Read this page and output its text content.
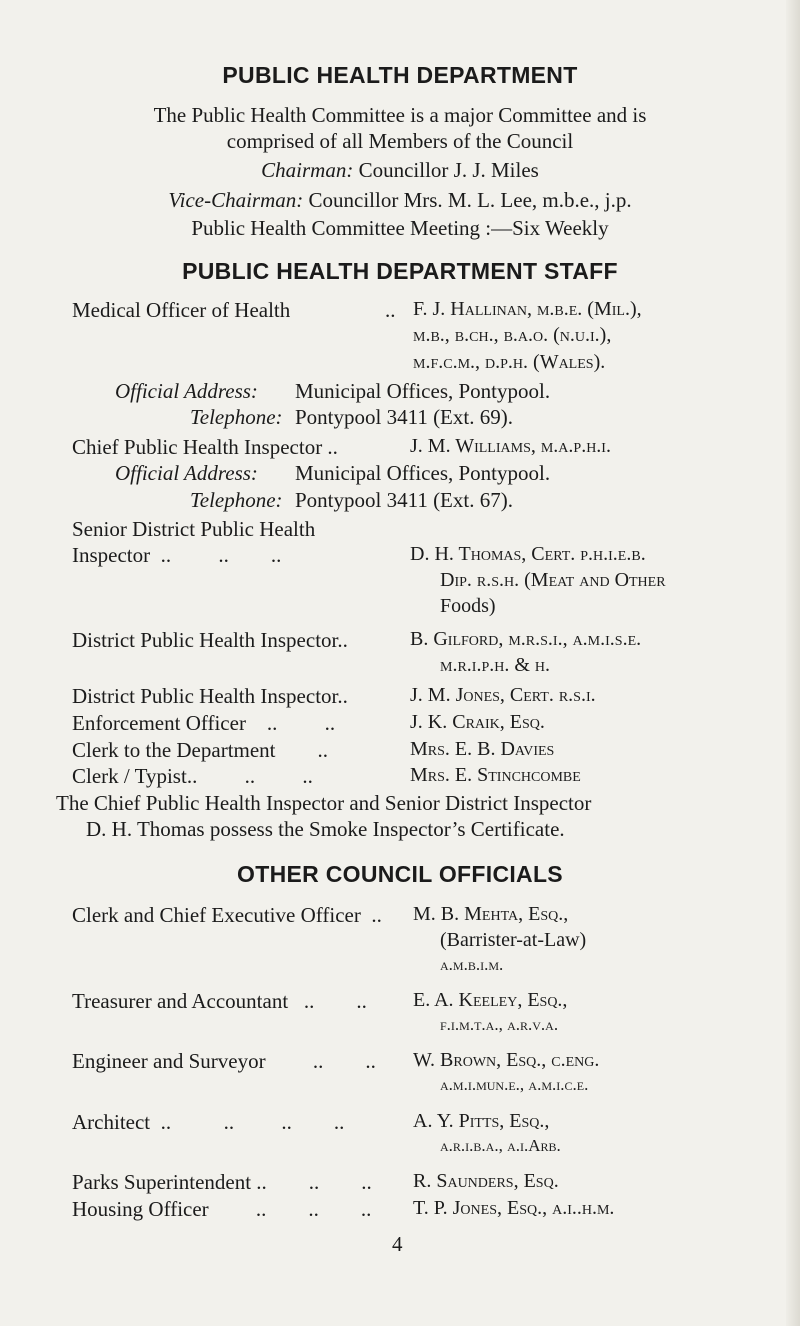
PUBLIC HEALTH DEPARTMENT
The Public Health Committee is a major Committee and is
comprised of all Members of the Council
Chairman: Councillor J. J. Miles
Vice-Chairman: Councillor Mrs. M. L. Lee, m.b.e., j.p.
Public Health Committee Meeting :—Six Weekly
PUBLIC HEALTH DEPARTMENT STAFF
Medical Officer of Health	.. F. J. Hallinan, m.b.e. (Mil.),
m.b., b.ch., b.a.o. (n.u.i.),
m.f.c.m., d.p.h. (Wales).
Official Address: Municipal Offices, Pontypool.
Telephone: Pontypool 3411 (Ext. 69).
Chief Public Health Inspector ..	J. M. Williams, m.a.p.h.i.
Official Address: Municipal Offices, Pontypool.
Telephone: Pontypool 3411 (Ext. 67).
Senior District Public Health
Inspector  ..         ..        ..	D. H. Thomas, Cert. p.h.i.e.b.
Dip. r.s.h. (Meat and Other
Foods)
District Public Health Inspector..	B. Gilford, m.r.s.i., a.m.i.s.e.
m.r.i.p.h. & h.
District Public Health Inspector..	J. M. Jones, Cert. r.s.i.
Enforcement Officer    ..         ..	J. K. Craik, Esq.
Clerk to the Department        ..	Mrs. E. B. Davies
Clerk / Typist..         ..         ..	Mrs. E. Stinchcombe
The Chief Public Health Inspector and Senior District Inspector
D. H. Thomas possess the Smoke Inspector’s Certificate.
OTHER COUNCIL OFFICIALS
Clerk and Chief Executive Officer  .. M. B. Mehta, Esq.,
(Barrister-at-Law)
a.m.b.i.m.
Treasurer and Accountant   ..        .. E. A. Keeley, Esq.,
f.i.m.t.a., a.r.v.a.
Engineer and Surveyor         ..        .. W. Brown, Esq., c.eng.
a.m.i.mun.e., a.m.i.c.e.
Architect  ..          ..         ..        ..	A. Y. Pitts, Esq.,
a.r.i.b.a., a.i.Arb.
Parks Superintendent ..        ..        .. R. Saunders, Esq.
Housing Officer         ..        ..        .. T. P. Jones, Esq., a.i..h.m.
4
